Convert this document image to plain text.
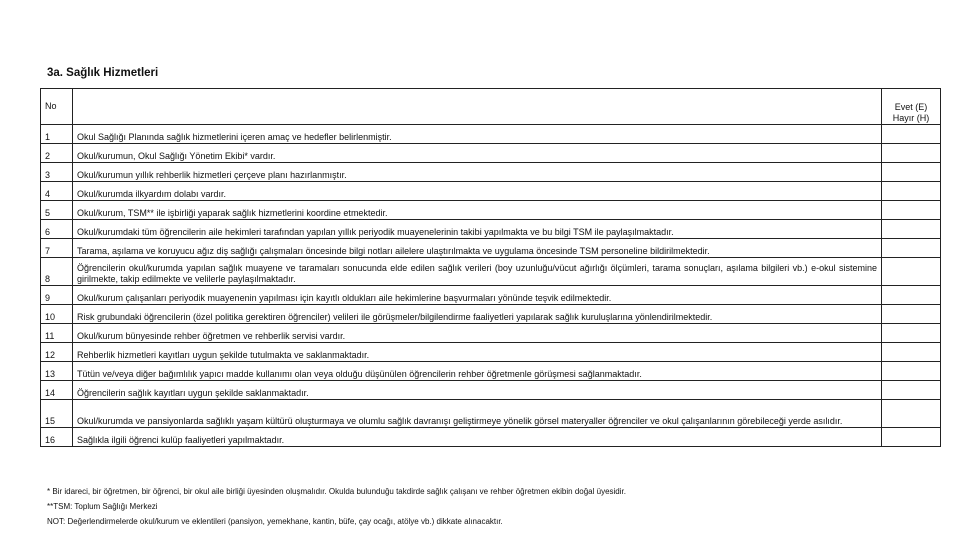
3a. Sağlık Hizmetleri
No		Evet (E)
Hayır (H)

1	Okul Sağlığı Planında sağlık hizmetlerini içeren amaç ve hedefler belirlenmiştir.	
2	Okul/kurumun, Okul Sağlığı Yönetim Ekibi* vardır.	
3	Okul/kurumun yıllık rehberlik hizmetleri çerçeve planı hazırlanmıştır.	
4	Okul/kurumda ilkyardım dolabı vardır.	
5	Okul/kurum, TSM** ile işbirliği yaparak sağlık hizmetlerini koordine etmektedir.	
6	Okul/kurumdaki tüm öğrencilerin aile hekimleri tarafından yapılan yıllık periyodik muayenelerinin takibi yapılmakta ve bu bilgi TSM ile paylaşılmaktadır.	
7	Tarama, aşılama ve koruyucu ağız diş sağlığı çalışmaları öncesinde bilgi notları ailelere ulaştırılmakta ve uygulama öncesinde TSM personeline bildirilmektedir.	
8	Öğrencilerin okul/kurumda yapılan sağlık muayene ve taramaları sonucunda elde edilen sağlık verileri (boy uzunluğu/vücut ağırlığı ölçümleri, tarama sonuçları, aşılama bilgileri vb.) e-okul sistemine girilmekte, takip edilmekte ve velilerle paylaşılmaktadır.	
9	Okul/kurum çalışanları periyodik muayenenin yapılması için kayıtlı oldukları aile hekimlerine başvurmaları yönünde teşvik edilmektedir.	
10	Risk grubundaki öğrencilerin (özel politika gerektiren öğrenciler) velileri ile görüşmeler/bilgilendirme faaliyetleri yapılarak sağlık kuruluşlarına yönlendirilmektedir.	
11	Okul/kurum bünyesinde rehber öğretmen ve rehberlik servisi vardır.	
12	Rehberlik hizmetleri kayıtları uygun şekilde tutulmakta ve saklanmaktadır.	
13	Tütün ve/veya diğer bağımlılık yapıcı madde kullanımı olan veya olduğu düşünülen öğrencilerin rehber öğretmenle görüşmesi sağlanmaktadır.	
14	Öğrencilerin sağlık kayıtları uygun şekilde saklanmaktadır.	
15	Okul/kurumda ve pansiyonlarda sağlıklı yaşam kültürü oluşturmaya ve olumlu sağlık davranışı geliştirmeye yönelik görsel materyaller öğrenciler ve okul çalışanlarının görebileceği yerde asılıdır.	
16	Sağlıkla ilgili öğrenci kulüp faaliyetleri yapılmaktadır.	
* Bir idareci, bir öğretmen, bir öğrenci, bir okul aile birliği üyesinden oluşmalıdır. Okulda bulunduğu takdirde sağlık çalışanı ve rehber öğretmen ekibin doğal üyesidir.
**TSM: Toplum Sağlığı Merkezi
NOT: Değerlendirmelerde okul/kurum ve eklentileri (pansiyon, yemekhane, kantin, büfe, çay ocağı, atölye vb.) dikkate alınacaktır.
